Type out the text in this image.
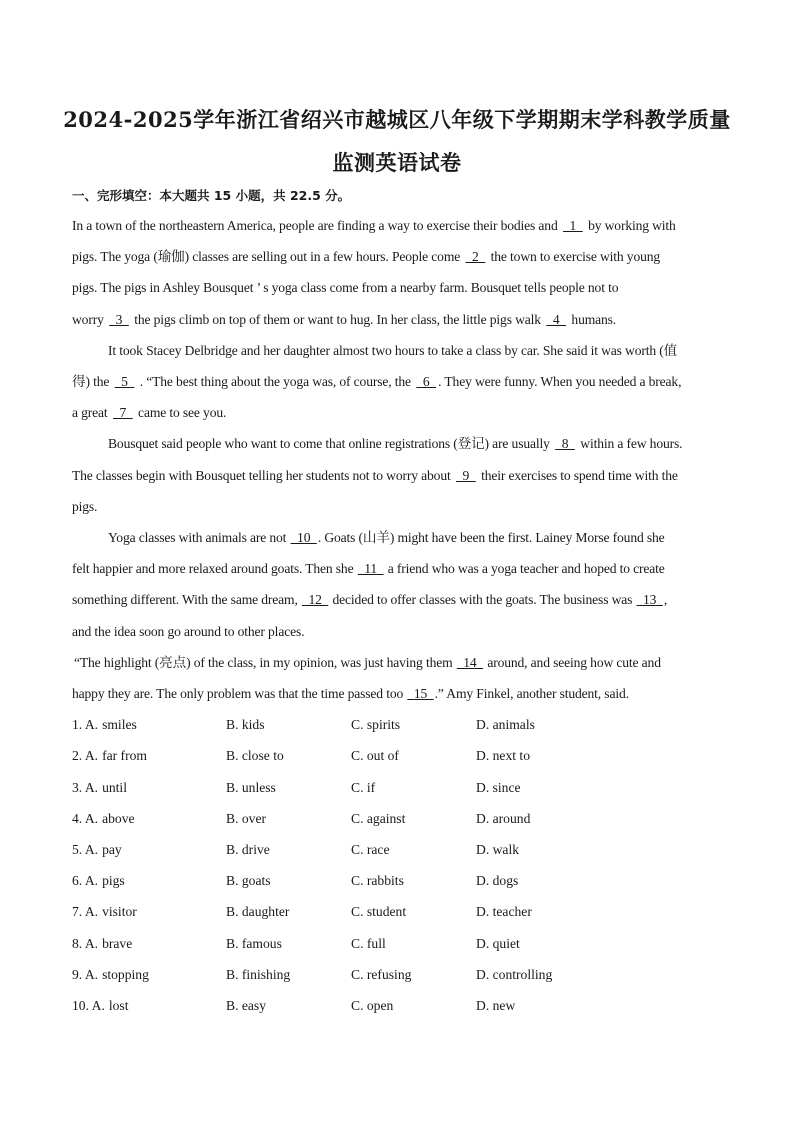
2024-2025学年浙江省绍兴市越城区八年级下学期期末学科教学质量
监测英语试卷

一、完形填空：本大题共 15 小题，共 22.5 分。

In a town of the northeastern America, people are finding a way to exercise their bodies and   1   by working with

pigs. The yoga (瑜伽) classes are selling out in a few hours. People come   2   the town to exercise with young

pigs. The pigs in Ashley Bousquet ’ s yoga class come from a nearby farm. Bousquet tells people not to

worry   3   the pigs climb on top of them or want to hug. In her class, the little pigs walk   4   humans.

It took Stacey Delbridge and her daughter almost two hours to take a class by car. She said it was worth (值

得) the   5   . “The best thing about the yoga was, of course, the   6  . They were funny. When you needed a break,

a great   7   came to see you.

Bousquet said people who want to come that online registrations (登记) are usually   8   within a few hours.

The classes begin with Bousquet telling her students not to worry about   9   their exercises to spend time with the

pigs.

Yoga classes with animals are not   10  . Goats (山羊) might have been the first. Lainey Morse found she

felt happier and more relaxed around goats. Then she   11   a friend who was a yoga teacher and hoped to create

something different. With the same dream,   12   decided to offer classes with the goats. The business was   13  ,

and the idea soon go around to other places.

“The highlight (亮点) of the class, in my opinion, was just having them   14   around, and seeing how cute and

happy they are. The only problem was that the time passed too   15  .” Amy Finkel, another student, said.

1. A. smiles	B. kids	C. spirits	D. animals
2. A. far from	B. close to	C. out of	D. next to
3. A. until	B. unless	C. if	D. since
4. A. above	B. over	C. against	D. around
5. A. pay	B. drive	C. race	D. walk
6. A. pigs	B. goats	C. rabbits	D. dogs
7. A. visitor	B. daughter	C. student	D. teacher
8. A. brave	B. famous	C. full	D. quiet
9. A. stopping	B. finishing	C. refusing	D. controlling
10. A. lost	B. easy	C. open	D. new
